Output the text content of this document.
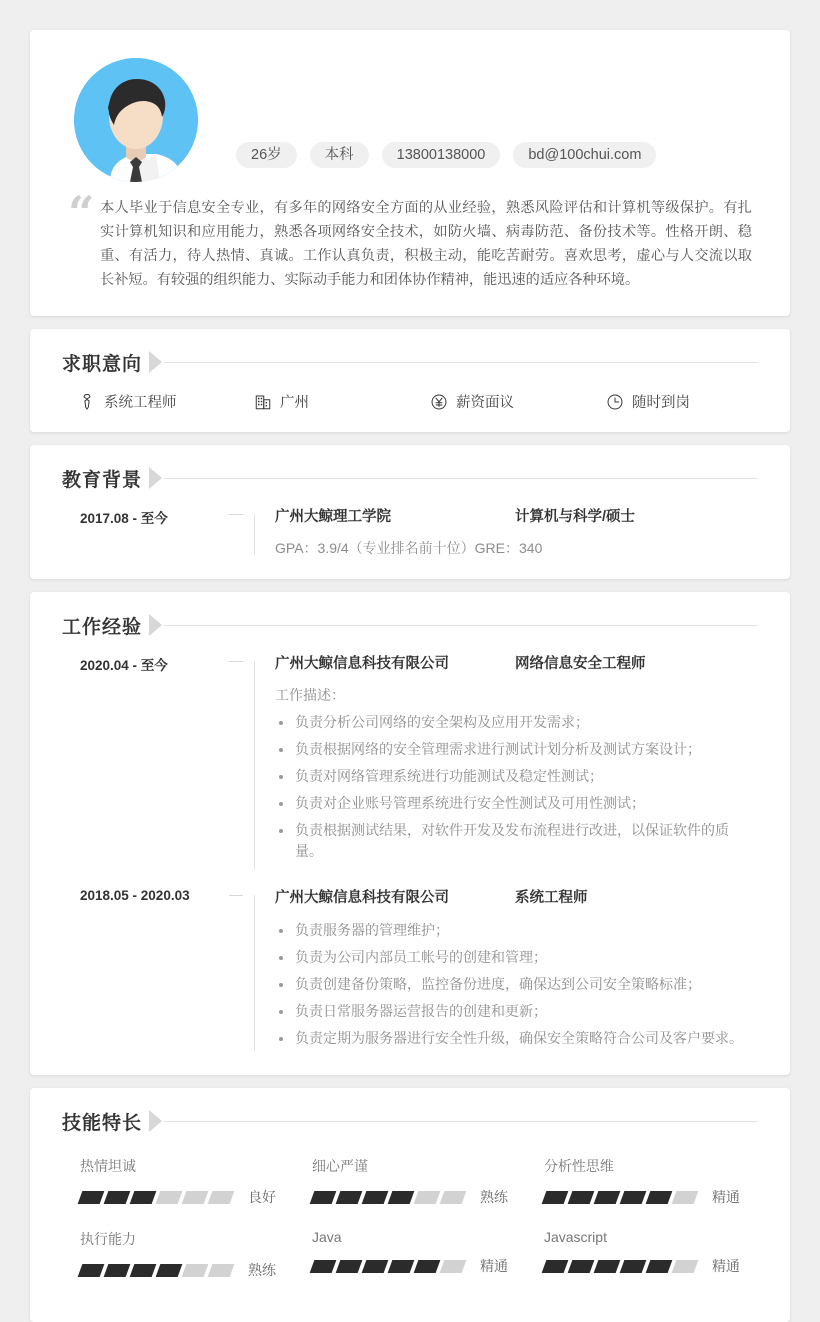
26岁	本科	13800138000	bd@100chui.com
“ 本人毕业于信息安全专业，有多年的网络安全方面的从业经验，熟悉风险评估和计算机等级保护。有扎实计算机知识和应用能力，熟悉各项网络安全技术，如防火墙、病毒防范、备份技术等。性格开朗、稳重、有活力，待人热情、真诚。工作认真负责，积极主动，能吃苦耐劳。喜欢思考，虚心与人交流以取长补短。有较强的组织能力、实际动手能力和团体协作精神，能迅速的适应各种环境。
求职意向
系统工程师	广州	薪资面议	随时到岗
教育背景
2017.08 - 至今	广州大鲸理工学院	计算机与科学/硕士
GPA：3.9/4（专业排名前十位）GRE：340
工作经验
2020.04 - 至今	广州大鲸信息科技有限公司	网络信息安全工程师
工作描述：
负责分析公司网络的安全架构及应用开发需求；
负责根据网络的安全管理需求进行测试计划分析及测试方案设计；
负责对网络管理系统进行功能测试及稳定性测试；
负责对企业账号管理系统进行安全性测试及可用性测试；
负责根据测试结果，对软件开发及发布流程进行改进，以保证软件的质量。
2018.05 - 2020.03	广州大鲸信息科技有限公司	系统工程师
负责服务器的管理维护；
负责为公司内部员工帐号的创建和管理；
负责创建备份策略，监控备份进度，确保达到公司安全策略标准；
负责日常服务器运营报告的创建和更新；
负责定期为服务器进行安全性升级，确保安全策略符合公司及客户要求。
技能特长
热情坦诚
良好
细心严谨
熟练
分析性思维
精通
执行能力
熟练
Java
精通
Javascript
精通
